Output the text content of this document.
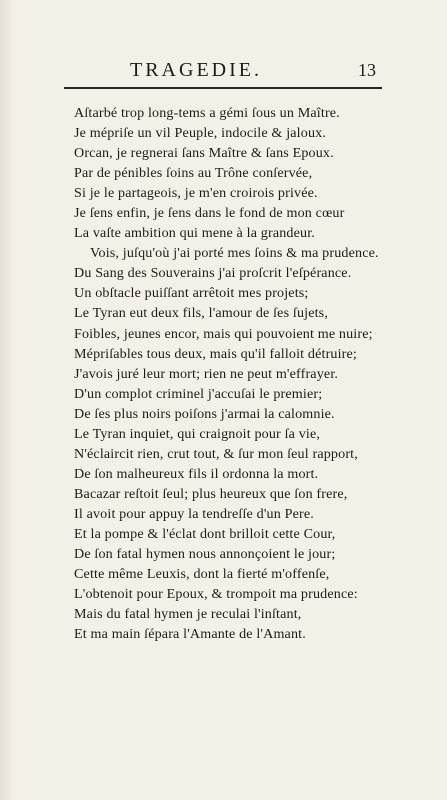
TRAGEDIE.	13
Aſtarbé trop long-tems a gémi ſous un Maître.
Je mépriſe un vil Peuple, indocile & jaloux.
Orcan, je regnerai ſans Maître & ſans Epoux.
Par de pénibles ſoins au Trône conſervée,
Si je le partageois, je m'en croirois privée.
Je ſens enfin, je ſens dans le fond de mon cœur
La vaſte ambition qui mene à la grandeur.
Vois, juſqu'où j'ai porté mes ſoins & ma prudence.
Du Sang des Souverains j'ai proſcrit l'eſpérance.
Un obſtacle puiſſant arrêtoit mes projets;
Le Tyran eut deux fils, l'amour de ſes ſujets,
Foibles, jeunes encor, mais qui pouvoient me nuire;
Mépriſables tous deux, mais qu'il falloit détruire;
J'avois juré leur mort; rien ne peut m'effrayer.
D'un complot criminel j'accuſai le premier;
De ſes plus noirs poiſons j'armai la calomnie.
Le Tyran inquiet, qui craignoit pour ſa vie,
N'éclaircit rien, crut tout, & ſur mon ſeul rapport,
De ſon malheureux fils il ordonna la mort.
Bacazar reſtoit ſeul; plus heureux que ſon frere,
Il avoit pour appuy la tendreſſe d'un Pere.
Et la pompe & l'éclat dont brilloit cette Cour,
De ſon fatal hymen nous annonçoient le jour;
Cette même Leuxis, dont la fierté m'offenſe,
L'obtenoit pour Epoux, & trompoit ma prudence:
Mais du fatal hymen je reculai l'inſtant,
Et ma main ſépara l'Amante de l'Amant.
